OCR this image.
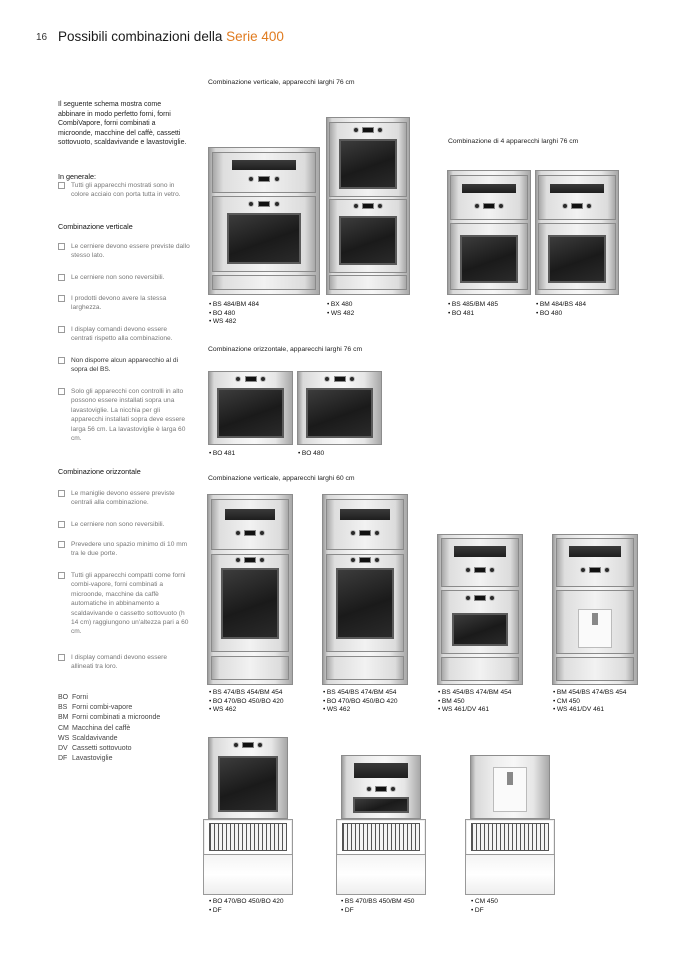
16 Possibili combinazioni della Serie 400

Il seguente schema mostra come abbinare in modo perfetto forni, forni CombiVapore, forni combinati a microonde, macchine del caffè, cassetti sottovuoto, scaldavivande e lavastoviglie.

In generale:
Tutti gli apparecchi mostrati sono in colore acciaio con porta tutta in vetro.
Combinazione verticale
Le cerniere devono essere previste dallo stesso lato.
Le cerniere non sono reversibili.
I prodotti devono avere la stessa larghezza.
I display comandi devono essere centrati rispetto alla combinazione.
Non disporre alcun apparecchio al di sopra del BS.
Solo gli apparecchi con controlli in alto possono essere installati sopra una lavastoviglie. La nicchia per gli apparecchi installati sopra deve essere larga 56 cm. La lavastoviglie è larga 60 cm.
Combinazione orizzontale
Le maniglie devono essere previste centrali alla combinazione.
Le cerniere non sono reversibili.
Prevedere uno spazio minimo di 10 mm tra le due porte.
Tutti gli apparecchi compatti come forni combi-vapore, forni combinati a microonde, macchine da caffè automatiche in abbinamento a scaldavivande o cassetto sottovuoto (h 14 cm) raggiungono un'altezza pari a 60 cm.
I display comandi devono essere allineati tra loro.
BO Forni
BS Forni combi-vapore
BM Forni combinati a microonde
CM Macchina del caffè
WS Scaldavivande
DV Cassetti sottovuoto
DF Lavastoviglie
Combinazione verticale, apparecchi larghi 76 cm
Combinazione di 4 apparecchi larghi 76 cm
Combinazione orizzontale, apparecchi larghi 76 cm
Combinazione verticale, apparecchi larghi 60 cm
• BS 484/BM 484
• BO 480
• WS 482
• BX 480
• WS 482
• BS 485/BM 485
• BO 481
• BM 484/BS 484
• BO 480
• BO 481
•	BO 480
• BS 474/BS 454/BM 454
• BO 470/BO 450/BO 420
• WS 462
• BS 454/BS 474/BM 454
• BO 470/BO 450/BO 420
• WS 462
• BS 454/BS 474/BM 454
• BM 450
• WS 461/DV 461
• BM 454/BS 474/BS 454
• CM 450
• WS 461/DV 461
• BO 470/BO 450/BO 420
• DF
• BS 470/BS 450/BM 450
• DF
• CM 450
• DF
